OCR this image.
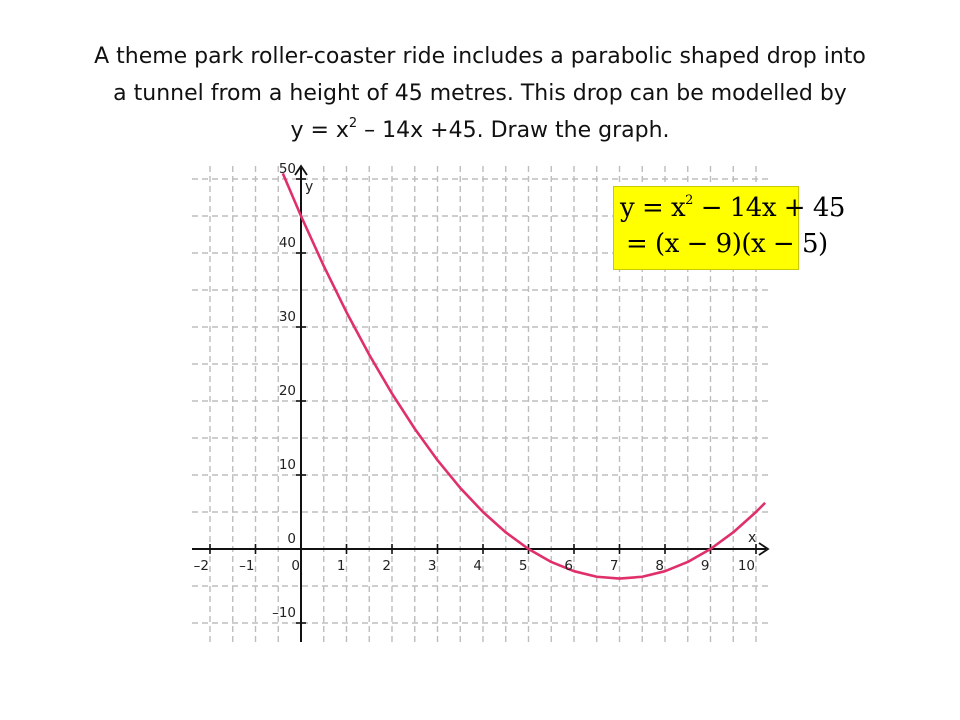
A theme park roller-coaster ride includes a parabolic shaped drop into
a tunnel from a height of 45 metres. This drop can be modelled by
$y = x^2 - 14x +45$. Draw the graph.
–2 –1	0	1	2	3	4	5	6	7	8	9 10
–10
0
10
20
30
40
50
x
y
$y = x^2 - 14x + 45$
= (x − 9)(x − 5)
